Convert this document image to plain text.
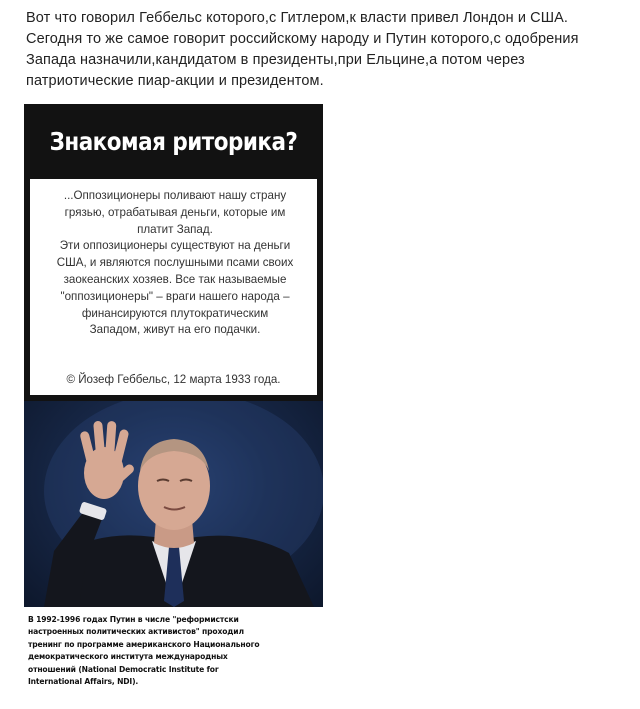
Вот что говорил Геббельс которого,с Гитлером,к власти привел Лондон и США.

Сегодня то же самое говорит российскому народу и Путин которого,с одобрения

Запада назначили,кандидатом в президенты,при Ельцине,а потом через

патриотические пиар-акции и президентом.

Знакомая риторика?

...Оппозиционеры поливают нашу страну

грязью, отрабатывая деньги, которые им

платит Запад.

Эти оппозиционеры существуют на деньги

США, и являются послушными псами своих

заокеанских хозяев. Все так называемые

"оппозиционеры" – враги нашего народа –

финансируются плутократическим

Западом, живут на его подачки.

© Йозеф Геббельс, 12 марта 1933 года.
В 1992-1996 годах Путин в числе "реформистски
настроенных политических активистов" проходил
тренинг по программе американского Национального
демократического института международных
отношений (National Democratic Institute for
International Affairs, NDI).
